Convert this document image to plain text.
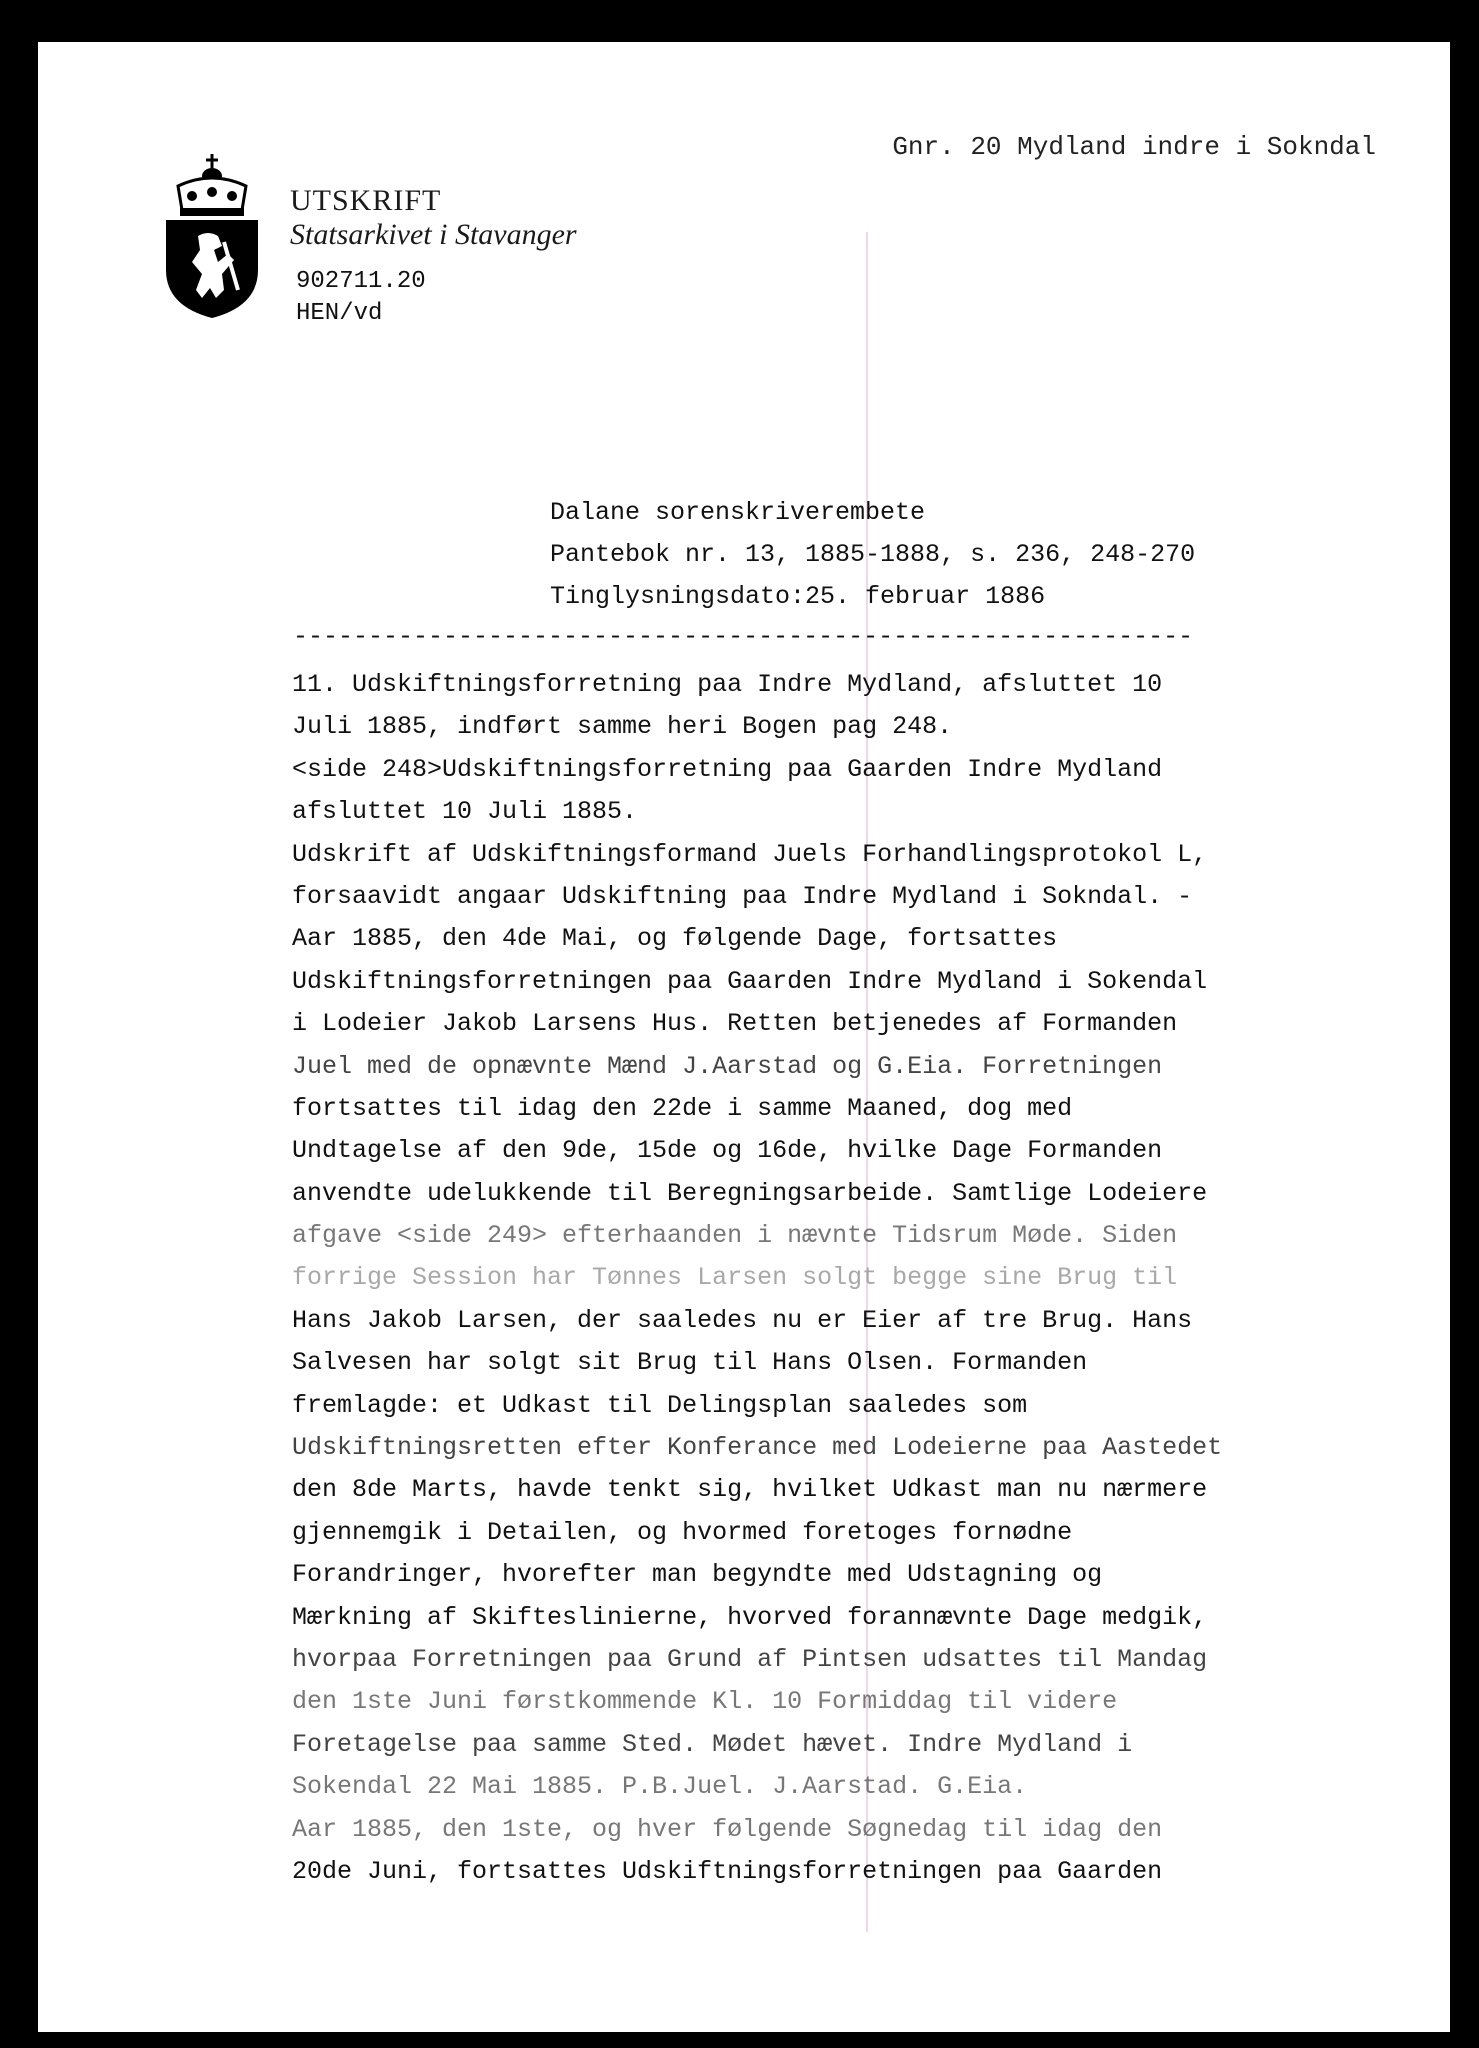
Gnr. 20 Mydland indre i Sokndal
UTSKRIFT
Statsarkivet i Stavanger
902711.20
HEN/vd
Dalane sorenskriverembete
Pantebok nr. 13, 1885-1888, s. 236, 248-270
Tinglysningsdato:25. februar 1886
------------------------------------------------------------
11. Udskiftningsforretning paa Indre Mydland, afsluttet 10
Juli 1885, indført samme heri Bogen pag 248.
<side 248>Udskiftningsforretning paa Gaarden Indre Mydland
afsluttet 10 Juli 1885.
Udskrift af Udskiftningsformand Juels Forhandlingsprotokol L,
forsaavidt angaar Udskiftning paa Indre Mydland i Sokndal. -
Aar 1885, den 4de Mai, og følgende Dage, fortsattes
Udskiftningsforretningen paa Gaarden Indre Mydland i Sokendal
i Lodeier Jakob Larsens Hus. Retten betjenedes af Formanden
Juel med de opnævnte Mænd J.Aarstad og G.Eia. Forretningen
fortsattes til idag den 22de i samme Maaned, dog med
Undtagelse af den 9de, 15de og 16de, hvilke Dage Formanden
anvendte udelukkende til Beregningsarbeide. Samtlige Lodeiere
afgave <side 249> efterhaanden i nævnte Tidsrum Møde. Siden
forrige Session har Tønnes Larsen solgt begge sine Brug til
Hans Jakob Larsen, der saaledes nu er Eier af tre Brug. Hans
Salvesen har solgt sit Brug til Hans Olsen. Formanden
fremlagde: et Udkast til Delingsplan saaledes som
Udskiftningsretten efter Konferance med Lodeierne paa Aastedet
den 8de Marts, havde tenkt sig, hvilket Udkast man nu nærmere
gjennemgik i Detailen, og hvormed foretoges fornødne
Forandringer, hvorefter man begyndte med Udstagning og
Mærkning af Skifteslinierne, hvorved forannævnte Dage medgik,
hvorpaa Forretningen paa Grund af Pintsen udsattes til Mandag
den 1ste Juni førstkommende Kl. 10 Formiddag til videre
Foretagelse paa samme Sted. Mødet hævet. Indre Mydland i
Sokendal 22 Mai 1885. P.B.Juel. J.Aarstad. G.Eia.
Aar 1885, den 1ste, og hver følgende Søgnedag til idag den
20de Juni, fortsattes Udskiftningsforretningen paa Gaarden
